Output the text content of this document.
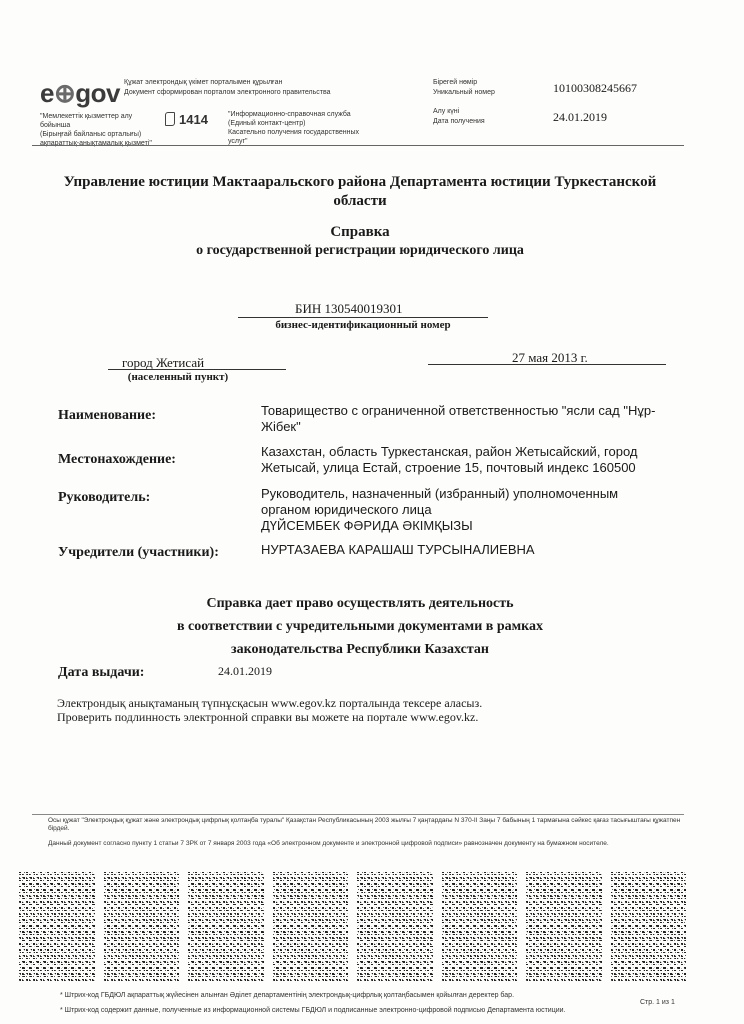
e⊕gov Құжат электрондық үкімет порталымен құрылған
Документ сформирован порталом электронного правительства
"Мемлекеттік қызметтер алу бойынша
(Бірыңғай байланыс орталығы)
ақпараттық-анықтамалық қызметі"
1414	"Информационно-справочная служба
(Единый контакт-центр)
Касательно получения государственных услуг"
Бірегей нөмір
Уникальный номер	10100308245667
Алу күні
Дата получения	24.01.2019
Управление юстиции Мактааральского района Департамента юстиции Туркестанской
области
Справка
о государственной регистрации юридического лица
БИН 130540019301
бизнес-идентификационный номер
город Жетисай
(населенный пункт)
27 мая 2013 г.
Наименование:	Товарищество с ограниченной ответственностью "ясли сад "Нұр-Жібек"
Местонахождение:
Казахстан, область Туркестанская, район Жетысайский, город Жетысай, улица Естай, строение 15, почтовый индекс 160500
Руководитель:	Руководитель, назначенный (избранный) уполномоченным органом юридического лица
ДҮЙСЕМБЕК ФӘРИДА ӘКІМҚЫЗЫ
Учредители (участники):	НУРТАЗАЕВА КАРАШАШ ТУРСЫНАЛИЕВНА
Справка дает право осуществлять деятельность
в соответствии с учредительными документами в рамках
законодательства Республики Казахстан
Дата выдачи:	24.01.2019
Электрондық анықтаманың түпнұсқасын www.egov.kz порталында тексере аласыз.
Проверить подлинность электронной справки вы можете на портале www.egov.kz.
Осы құжат "Электрондық құжат және электрондық цифрлық қолтаңба туралы" Қазақстан Республикасының 2003 жылғы 7 қаңтардағы N 370-II Заңы 7 бабының 1 тармағына сәйкес қағаз тасығыштағы құжатпен бірдей.
Данный документ согласно пункту 1 статьи 7 ЗРК от 7 января 2003 года «Об электронном документе и электронной цифровой подписи» равнозначен документу на бумажном носителе.
* Штрих-код ГБДЮЛ ақпараттық жүйесінен алынған Әділет департаментінің электрондық-цифрлық қолтаңбасымен қойылған деректер бар.
* Штрих-код содержит данные, полученные из информационной системы ГБДЮЛ и подписанные электронно-цифровой подписью Департамента юстиции.
Стр. 1 из 1
